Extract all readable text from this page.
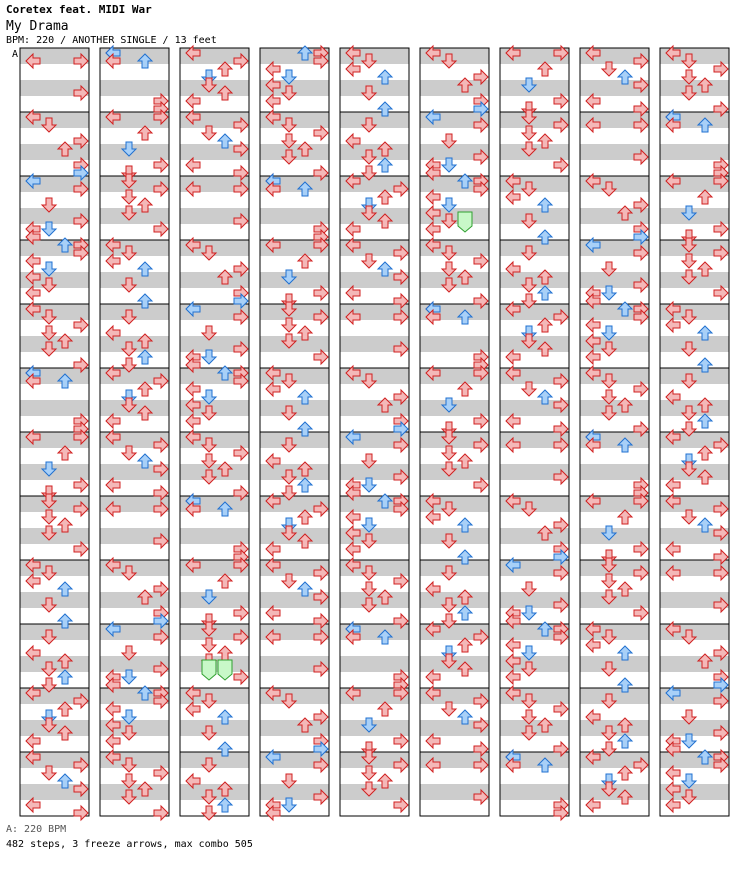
Coretex feat. MIDI War
My Drama
BPM: 220 / ANOTHER SINGLE / 13 feet
A
A: 220 BPM
482 steps, 3 freeze arrows, max combo 505
